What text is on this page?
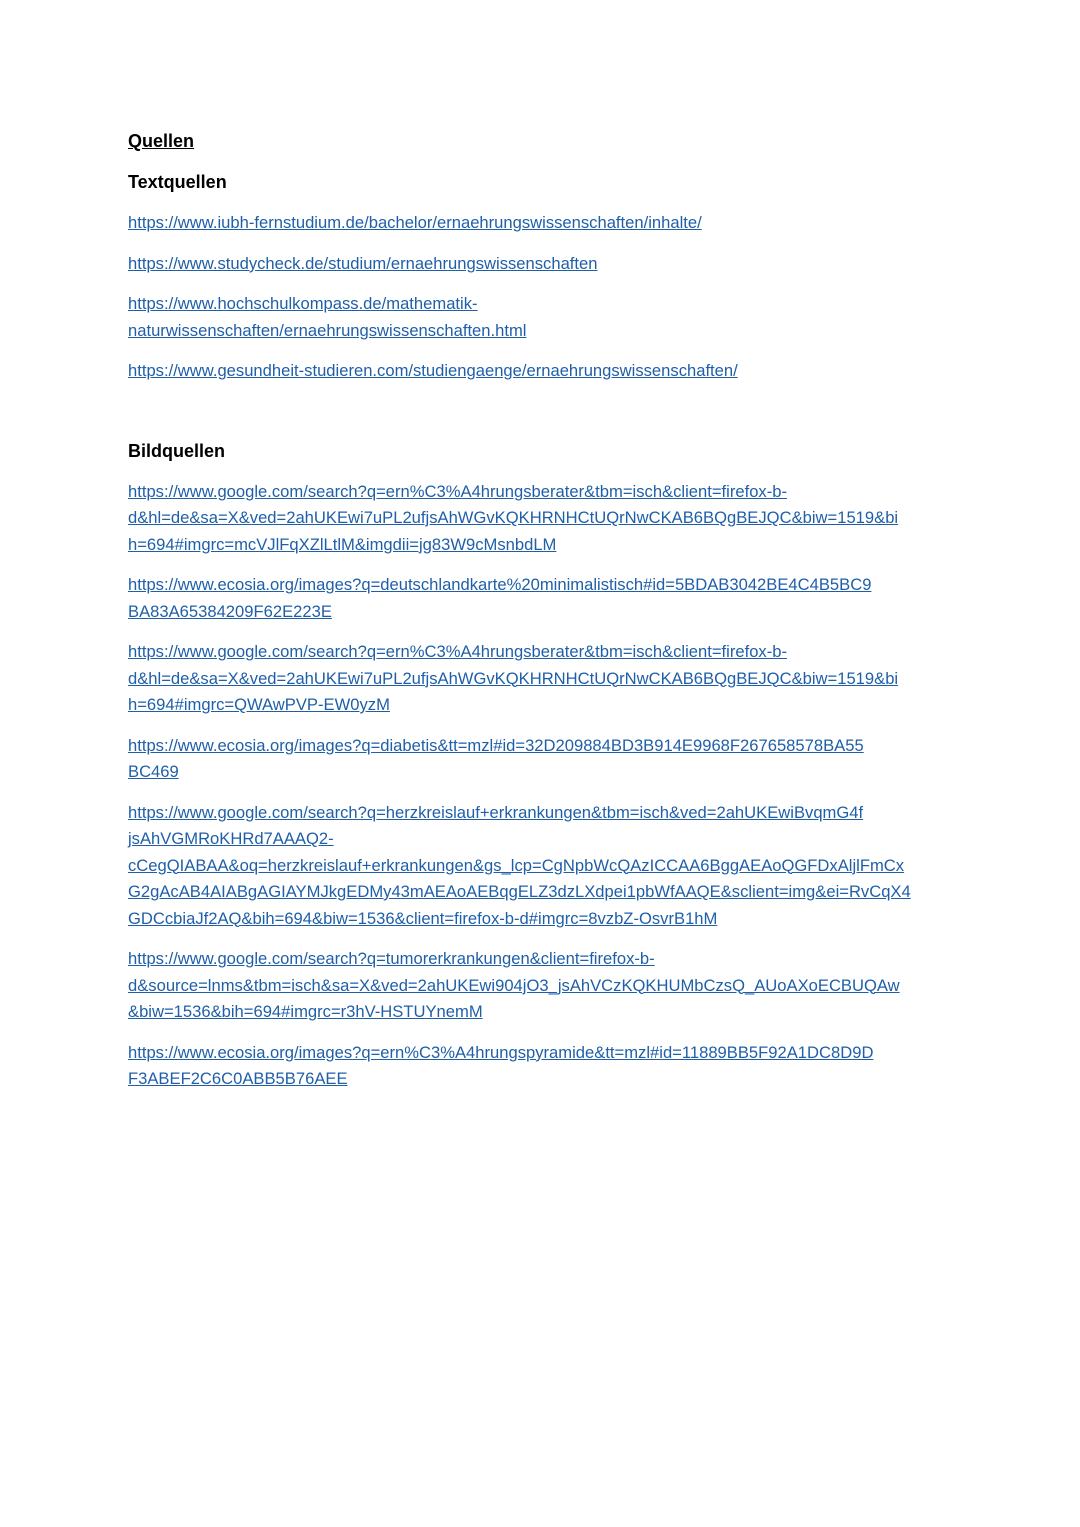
Quellen

Textquellen

https://www.iubh-fernstudium.de/bachelor/ernaehrungswissenschaften/inhalte/
https://www.studycheck.de/studium/ernaehrungswissenschaften
https://www.hochschulkompass.de/mathematik-
naturwissenschaften/ernaehrungswissenschaften.html
https://www.gesundheit-studieren.com/studiengaenge/ernaehrungswissenschaften/

Bildquellen

https://www.google.com/search?q=ern%C3%A4hrungsberater&tbm=isch&client=firefox-b-
d&hl=de&sa=X&ved=2ahUKEwi7uPL2ufjsAhWGvKQKHRNHCtUQrNwCKAB6BQgBEJQC&biw=1519&bi
h=694#imgrc=mcVJlFqXZlLtlM&imgdii=jg83W9cMsnbdLM
https://www.ecosia.org/images?q=deutschlandkarte%20minimalistisch#id=5BDAB3042BE4C4B5BC9
BA83A65384209F62E223E
https://www.google.com/search?q=ern%C3%A4hrungsberater&tbm=isch&client=firefox-b-
d&hl=de&sa=X&ved=2ahUKEwi7uPL2ufjsAhWGvKQKHRNHCtUQrNwCKAB6BQgBEJQC&biw=1519&bi
h=694#imgrc=QWAwPVP-EW0yzM
https://www.ecosia.org/images?q=diabetis&tt=mzl#id=32D209884BD3B914E9968F267658578BA55
BC469
https://www.google.com/search?q=herzkreislauf+erkrankungen&tbm=isch&ved=2ahUKEwiBvqmG4f
jsAhVGMRoKHRd7AAAQ2-
cCegQIABAA&oq=herzkreislauf+erkrankungen&gs_lcp=CgNpbWcQAzICCAA6BggAEAoQGFDxAljlFmCx
G2gAcAB4AIABgAGIAYMJkgEDMy43mAEAoAEBqgELZ3dzLXdpei1pbWfAAQE&sclient=img&ei=RvCqX4
GDCcbiaJf2AQ&bih=694&biw=1536&client=firefox-b-d#imgrc=8vzbZ-OsvrB1hM
https://www.google.com/search?q=tumorerkrankungen&client=firefox-b-
d&source=lnms&tbm=isch&sa=X&ved=2ahUKEwi904jO3_jsAhVCzKQKHUMbCzsQ_AUoAXoECBUQAw
&biw=1536&bih=694#imgrc=r3hV-HSTUYnemM
https://www.ecosia.org/images?q=ern%C3%A4hrungspyramide&tt=mzl#id=11889BB5F92A1DC8D9D
F3ABEF2C6C0ABB5B76AEE
